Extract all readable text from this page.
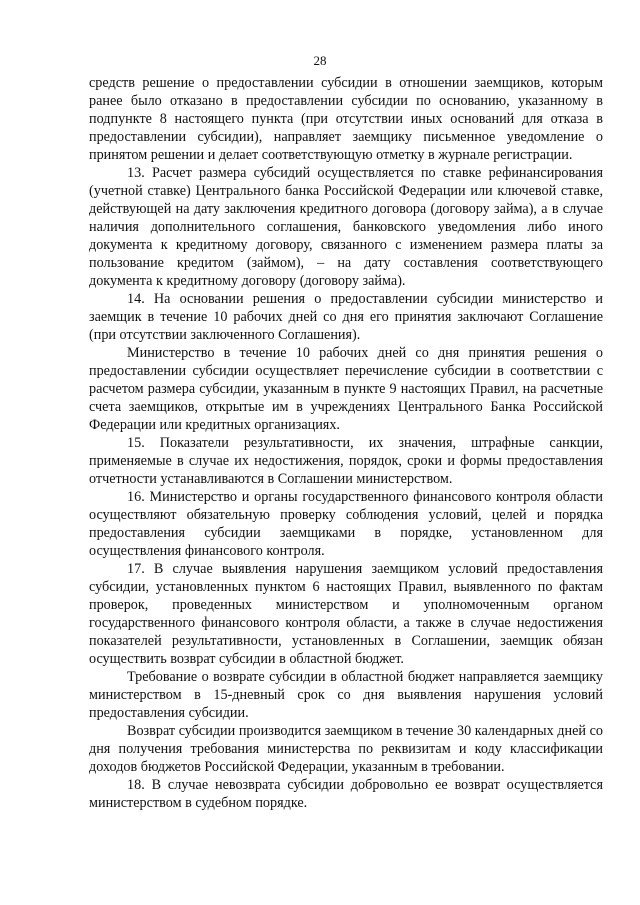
28

средств решение о предоставлении субсидии в отношении заемщиков, которым ранее было отказано в предоставлении субсидии по основанию, указанному в подпункте 8 настоящего пункта (при отсутствии иных оснований для отказа в предоставлении субсидии), направляет заемщику письменное уведомление о принятом решении и делает соответствующую отметку в журнале регистрации.

13. Расчет размера субсидий осуществляется по ставке рефинансирования (учетной ставке) Центрального банка Российской Федерации или ключевой ставке, действующей на дату заключения кредитного договора (договору займа), а в случае наличия дополнительного соглашения, банковского уведомления либо иного документа к кредитному договору, связанного с изменением размера платы за пользование кредитом (займом), – на дату составления соответствующего документа к кредитному договору (договору займа).

14. На основании решения о предоставлении субсидии министерство и заемщик в течение 10 рабочих дней со дня его принятия заключают Соглашение (при отсутствии заключенного Соглашения).

Министерство в течение 10 рабочих дней со дня принятия решения о предоставлении субсидии осуществляет перечисление субсидии в соответствии с расчетом размера субсидии, указанным в пункте 9 настоящих Правил, на расчетные счета заемщиков, открытые им в учреждениях Центрального Банка Российской Федерации или кредитных организациях.

15. Показатели результативности, их значения, штрафные санкции, применяемые в случае их недостижения, порядок, сроки и формы предоставления отчетности устанавливаются в Соглашении министерством.

16. Министерство и органы государственного финансового контроля области осуществляют обязательную проверку соблюдения условий, целей и порядка предоставления субсидии заемщиками в порядке, установленном для осуществления финансового контроля.

17. В случае выявления нарушения заемщиком условий предоставления субсидии, установленных пунктом 6 настоящих Правил, выявленного по фактам проверок, проведенных министерством и уполномоченным органом государственного финансового контроля области, а также в случае недостижения показателей результативности, установленных в Соглашении, заемщик обязан осуществить возврат субсидии в областной бюджет.

Требование о возврате субсидии в областной бюджет направляется заемщику министерством в 15-дневный срок со дня выявления нарушения условий предоставления субсидии.

Возврат субсидии производится заемщиком в течение 30 календарных дней со дня получения требования министерства по реквизитам и коду классификации доходов бюджетов Российской Федерации, указанным в требовании.

18. В случае невозврата субсидии добровольно ее возврат осуществляется министерством в судебном порядке.
